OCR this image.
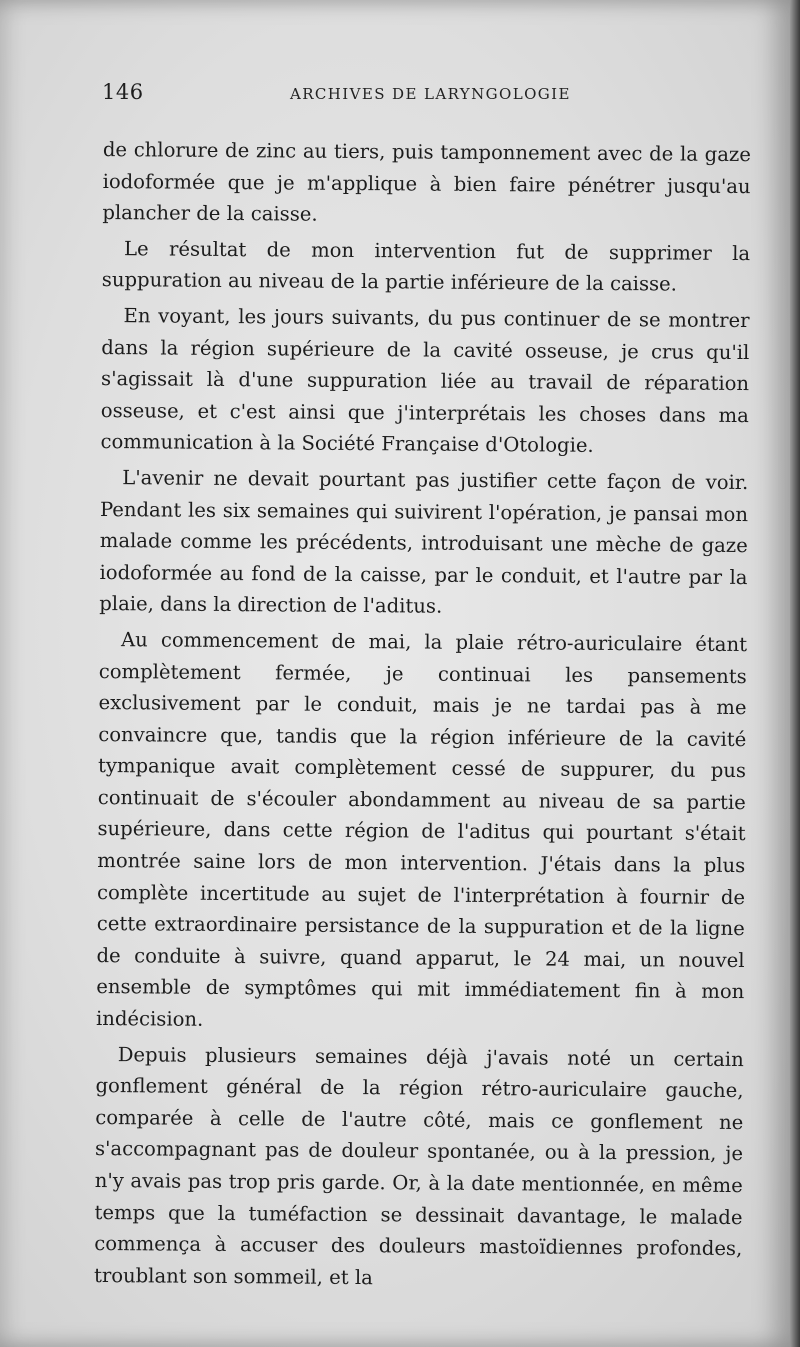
146	ARCHIVES DE LARYNGOLOGIE

de chlorure de zinc au tiers, puis tamponnement avec de la gaze iodoformée que je m'applique à bien faire pénétrer jusqu'au plancher de la caisse.

Le résultat de mon intervention fut de supprimer la suppuration au niveau de la partie inférieure de la caisse.

En voyant, les jours suivants, du pus continuer de se montrer dans la région supérieure de la cavité osseuse, je crus qu'il s'agissait là d'une suppuration liée au travail de réparation osseuse, et c'est ainsi que j'interprétais les choses dans ma communication à la Société Française d'Otologie.

L'avenir ne devait pourtant pas justifier cette façon de voir. Pendant les six semaines qui suivirent l'opération, je pansai mon malade comme les précédents, introduisant une mèche de gaze iodoformée au fond de la caisse, par le conduit, et l'autre par la plaie, dans la direction de l'aditus.

Au commencement de mai, la plaie rétro-auriculaire étant complètement fermée, je continuai les pansements exclusivement par le conduit, mais je ne tardai pas à me convaincre que, tandis que la région inférieure de la cavité tympanique avait complètement cessé de suppurer, du pus continuait de s'écouler abondamment au niveau de sa partie supérieure, dans cette région de l'aditus qui pourtant s'était montrée saine lors de mon intervention. J'étais dans la plus complète incertitude au sujet de l'interprétation à fournir de cette extraordinaire persistance de la suppuration et de la ligne de conduite à suivre, quand apparut, le 24 mai, un nouvel ensemble de symptômes qui mit immédiatement fin à mon indécision.

Depuis plusieurs semaines déjà j'avais noté un certain gonflement général de la région rétro-auriculaire gauche, comparée à celle de l'autre côté, mais ce gonflement ne s'accompagnant pas de douleur spontanée, ou à la pression, je n'y avais pas trop pris garde. Or, à la date mentionnée, en même temps que la tuméfaction se dessinait davantage, le malade commença à accuser des douleurs mastoïdiennes profondes, troublant son sommeil, et la
